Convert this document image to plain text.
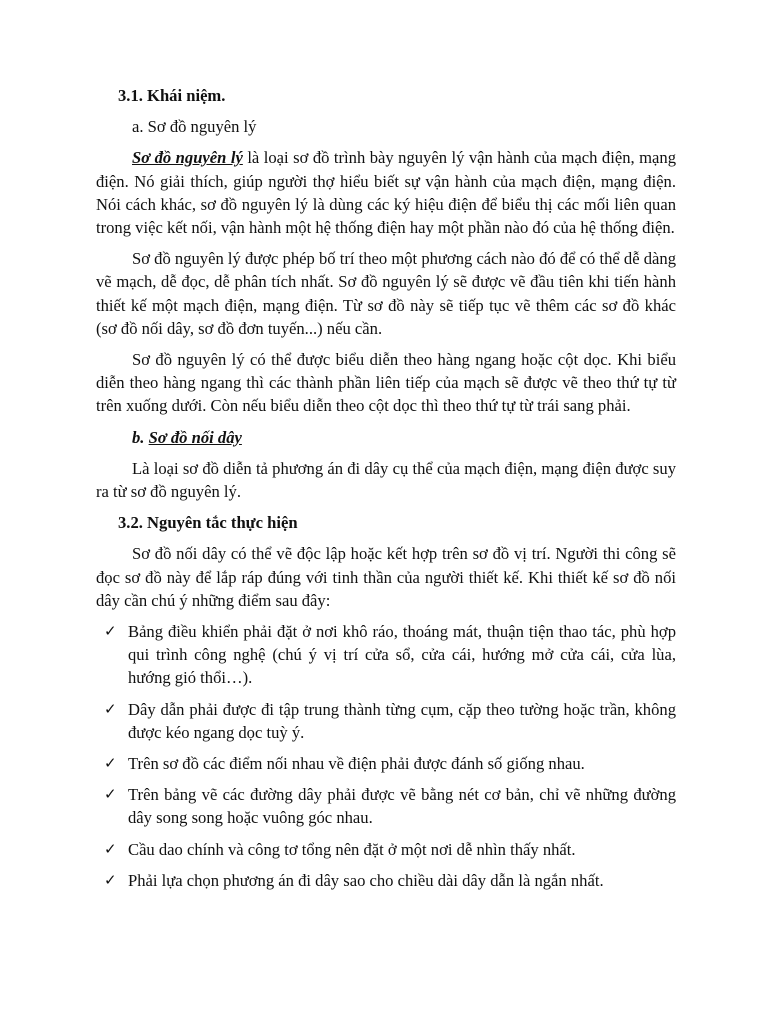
3.1. Khái niệm.
a. Sơ đồ nguyên lý

Sơ đồ nguyên lý là loại sơ đồ trình bày nguyên lý vận hành của mạch điện, mạng điện. Nó giải thích, giúp người thợ hiểu biết sự vận hành của mạch điện, mạng điện. Nói cách khác, sơ đồ nguyên lý là dùng các ký hiệu điện để biểu thị các mối liên quan trong việc kết nối, vận hành một hệ thống điện hay một phần nào đó của hệ thống điện.

Sơ đồ nguyên lý được phép bố trí theo một phương cách nào đó để có thể dễ dàng vẽ mạch, dễ đọc, dễ phân tích nhất. Sơ đồ nguyên lý sẽ được vẽ đầu tiên khi tiến hành thiết kế một mạch điện, mạng điện. Từ sơ đồ này sẽ tiếp tục vẽ thêm các sơ đồ khác (sơ đồ nối dây, sơ đồ đơn tuyến...) nếu cần.

Sơ đồ nguyên lý có thể được biểu diễn theo hàng ngang hoặc cột dọc. Khi biểu diễn theo hàng ngang thì các thành phần liên tiếp của mạch sẽ được vẽ theo thứ tự từ trên xuống dưới. Còn nếu biểu diễn theo cột dọc thì theo thứ tự từ trái sang phải.

b. Sơ đồ nối dây

Là loại sơ đồ diễn tả phương án đi dây cụ thể của mạch điện, mạng điện được suy ra từ sơ đồ nguyên lý.

3.2. Nguyên tắc thực hiện

Sơ đồ nối dây có thể vẽ độc lập hoặc kết hợp trên sơ đồ vị trí. Người thi công sẽ đọc sơ đồ này để lắp ráp đúng với tinh thần của người thiết kế. Khi thiết kế sơ đồ nối dây cần chú ý những điểm sau đây:

✓ Bảng điều khiển phải đặt ở nơi khô ráo, thoáng mát, thuận tiện thao tác, phù hợp qui trình công nghệ (chú ý vị trí cửa sổ, cửa cái, hướng mở cửa cái, cửa lùa, hướng gió thổi…).
✓ Dây dẫn phải được đi tập trung thành từng cụm, cặp theo tường hoặc trần, không được kéo ngang dọc tuỳ ý.
✓ Trên sơ đồ các điểm nối nhau về điện phải được đánh số giống nhau.
✓ Trên bảng vẽ các đường dây phải được vẽ bằng nét cơ bản, chỉ vẽ những đường dây song song hoặc vuông góc nhau.
✓ Cầu dao chính và công tơ tổng nên đặt ở một nơi dễ nhìn thấy nhất.
✓ Phải lựa chọn phương án đi dây sao cho chiều dài dây dẫn là ngắn nhất.
